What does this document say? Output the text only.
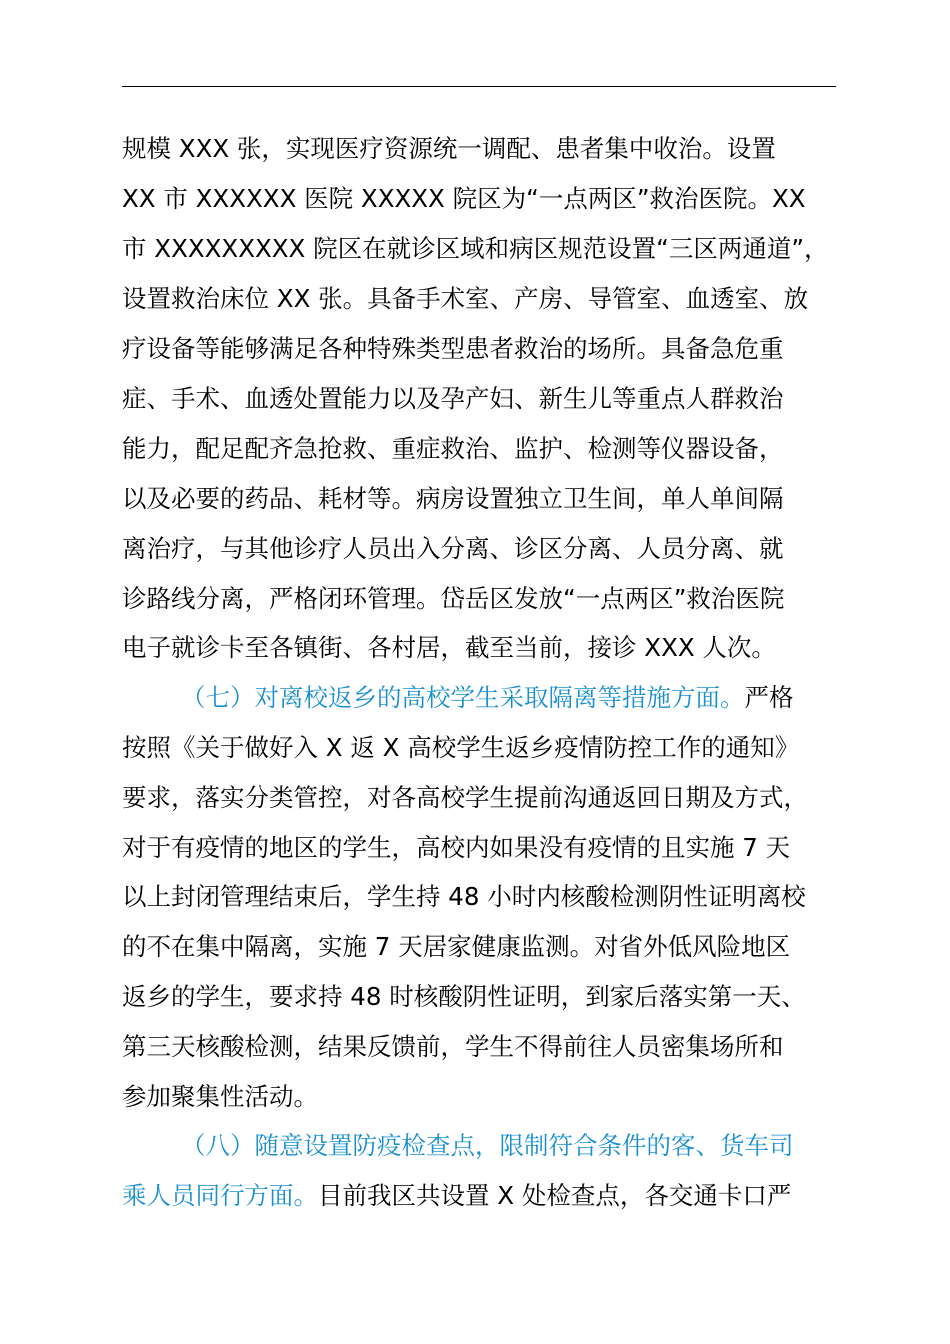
规模 XXX 张，实现医疗资源统一调配、患者集中收治。设置
XX 市 XXXXXX 医院 XXXXX 院区为“一点两区”救治医院。XX
市 XXXXXXXXX 院区在就诊区域和病区规范设置“三区两通道”，
设置救治床位 XX 张。具备手术室、产房、导管室、血透室、放
疗设备等能够满足各种特殊类型患者救治的场所。具备急危重
症、手术、血透处置能力以及孕产妇、新生儿等重点人群救治
能力，配足配齐急抢救、重症救治、监护、检测等仪器设备，
以及必要的药品、耗材等。病房设置独立卫生间，单人单间隔
离治疗，与其他诊疗人员出入分离、诊区分离、人员分离、就
诊路线分离，严格闭环管理。岱岳区发放“一点两区”救治医院
电子就诊卡至各镇街、各村居，截至当前，接诊 XXX 人次。
（七）对离校返乡的高校学生采取隔离等措施方面。严格
按照《关于做好入 X 返 X 高校学生返乡疫情防控工作的通知》
要求，落实分类管控，对各高校学生提前沟通返回日期及方式，
对于有疫情的地区的学生，高校内如果没有疫情的且实施 7 天
以上封闭管理结束后，学生持 48 小时内核酸检测阴性证明离校
的不在集中隔离，实施 7 天居家健康监测。对省外低风险地区
返乡的学生，要求持 48 时核酸阴性证明，到家后落实第一天、
第三天核酸检测，结果反馈前，学生不得前往人员密集场所和
参加聚集性活动。
（八）随意设置防疫检查点，限制符合条件的客、货车司
乘人员同行方面。目前我区共设置 X 处检查点，各交通卡口严
